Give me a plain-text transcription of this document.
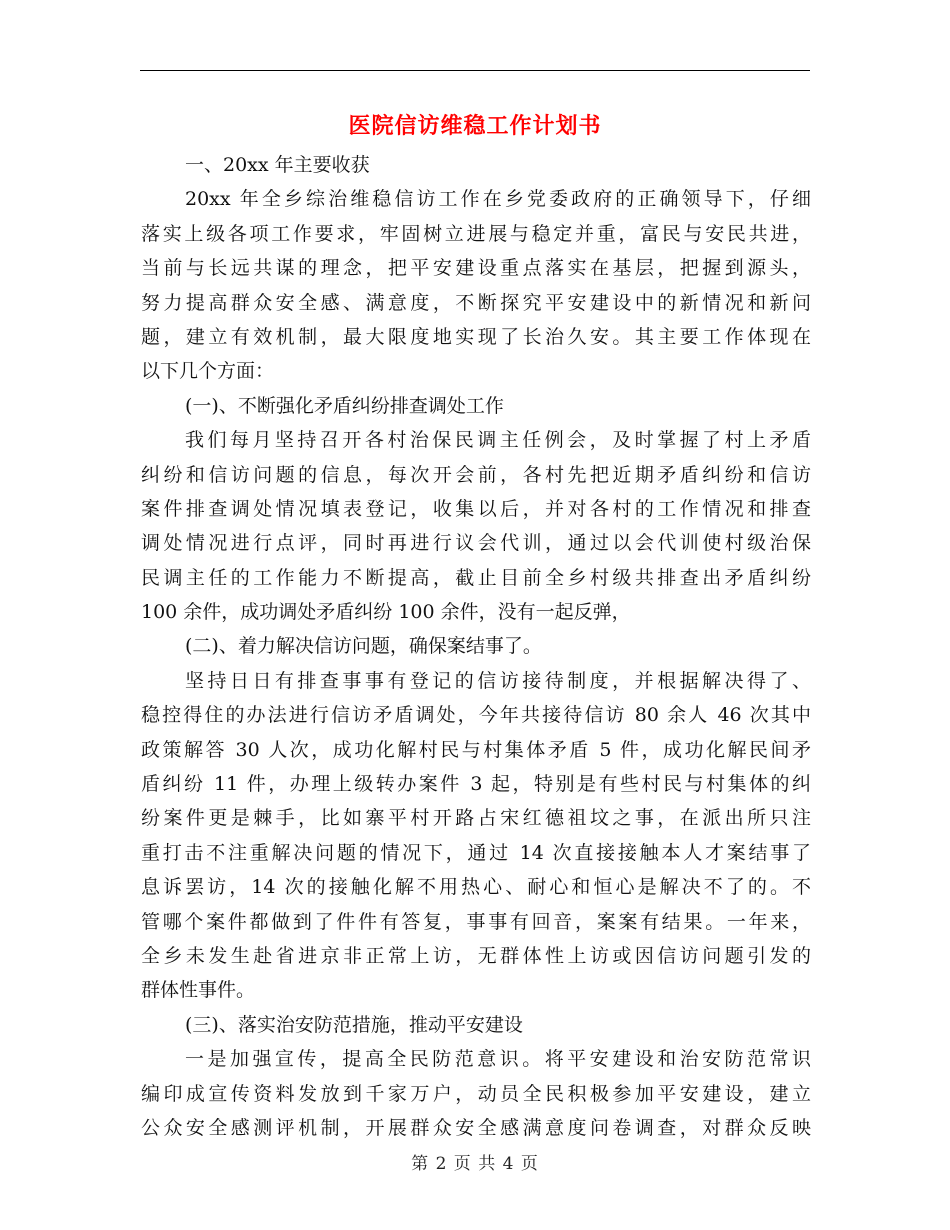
医院信访维稳工作计划书
一、20xx 年主要收获
20xx 年全乡综治维稳信访工作在乡党委政府的正确领导下，仔细
落实上级各项工作要求，牢固树立进展与稳定并重，富民与安民共进，
当前与长远共谋的理念，把平安建设重点落实在基层，把握到源头，
努力提高群众安全感、满意度，不断探究平安建设中的新情况和新问
题，建立有效机制，最大限度地实现了长治久安。其主要工作体现在
以下几个方面：
(一)、不断强化矛盾纠纷排查调处工作
我们每月坚持召开各村治保民调主任例会，及时掌握了村上矛盾
纠纷和信访问题的信息，每次开会前，各村先把近期矛盾纠纷和信访
案件排查调处情况填表登记，收集以后，并对各村的工作情况和排查
调处情况进行点评，同时再进行议会代训，通过以会代训使村级治保
民调主任的工作能力不断提高，截止目前全乡村级共排查出矛盾纠纷
100 余件，成功调处矛盾纠纷 100 余件，没有一起反弹，
(二)、着力解决信访问题，确保案结事了。
坚持日日有排查事事有登记的信访接待制度，并根据解决得了、
稳控得住的办法进行信访矛盾调处，今年共接待信访 80 余人 46 次其中
政策解答 30 人次，成功化解村民与村集体矛盾 5 件，成功化解民间矛
盾纠纷 11 件，办理上级转办案件 3 起，特别是有些村民与村集体的纠
纷案件更是棘手，比如寨平村开路占宋红德祖坟之事，在派出所只注
重打击不注重解决问题的情况下，通过 14 次直接接触本人才案结事了
息诉罢访，14 次的接触化解不用热心、耐心和恒心是解决不了的。不
管哪个案件都做到了件件有答复，事事有回音，案案有结果。一年来，
全乡未发生赴省进京非正常上访，无群体性上访或因信访问题引发的
群体性事件。
(三)、落实治安防范措施，推动平安建设
一是加强宣传，提高全民防范意识。将平安建设和治安防范常识
编印成宣传资料发放到千家万户，动员全民积极参加平安建设，建立
公众安全感测评机制，开展群众安全感满意度问卷调查，对群众反映
第 2 页 共 4 页
